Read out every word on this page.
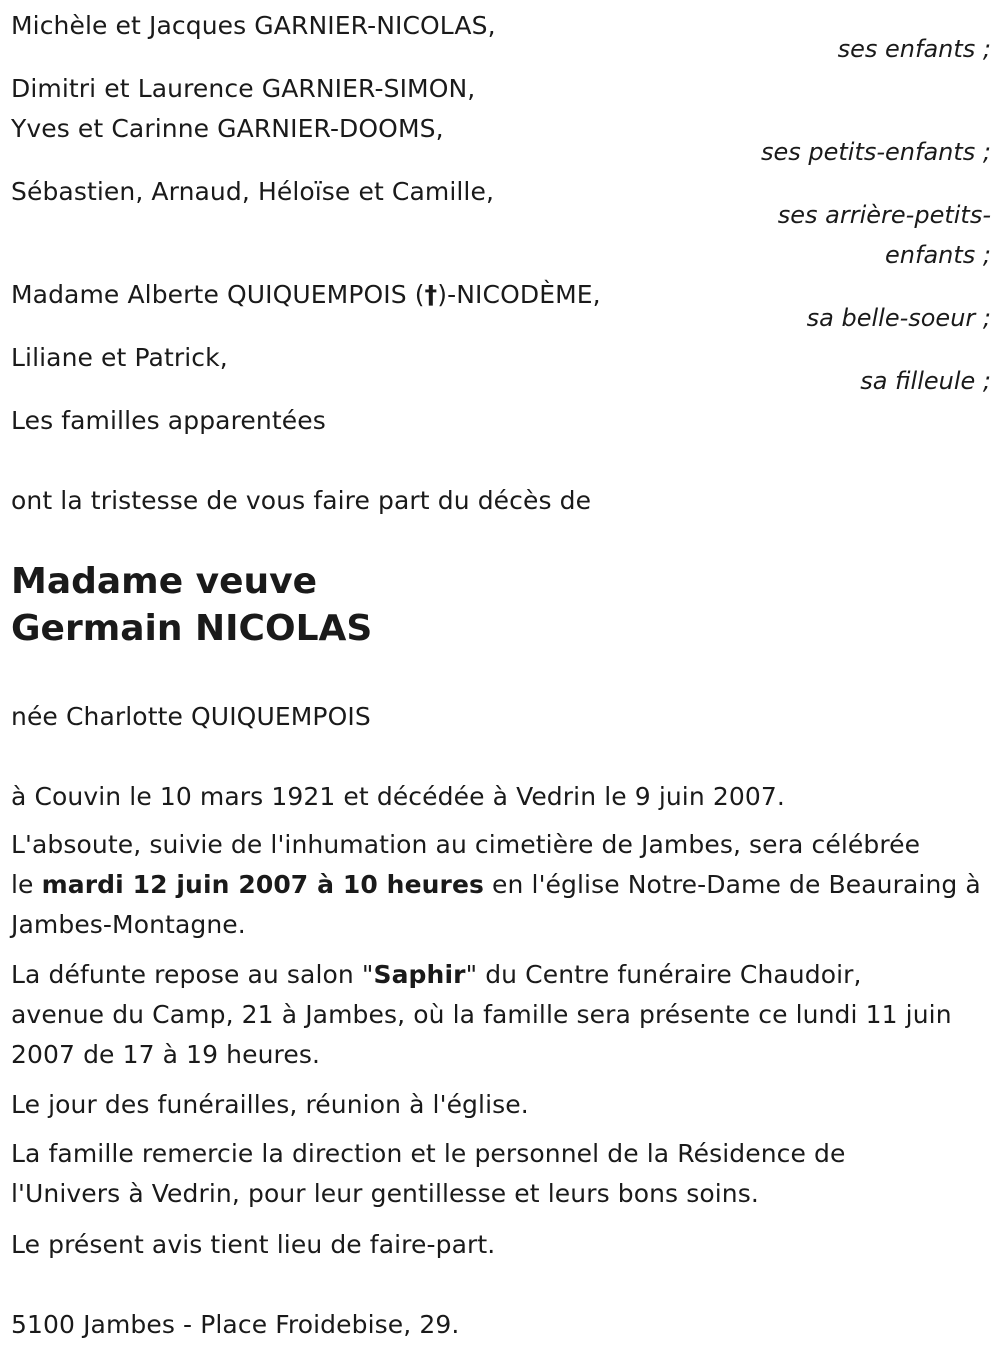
Michèle et Jacques GARNIER-NICOLAS,
ses enfants ;
Dimitri et Laurence GARNIER-SIMON,
Yves et Carinne GARNIER-DOOMS,
ses petits-enfants ;
Sébastien, Arnaud, Héloïse et Camille,
ses arrière-petits-
enfants ;
Madame Alberte QUIQUEMPOIS (†)-NICODÈME,
sa belle-soeur ;
Liliane et Patrick,
sa filleule ;
Les familles apparentées
ont la tristesse de vous faire part du décès de
Madame veuve
Germain NICOLAS
née Charlotte QUIQUEMPOIS
à Couvin le 10 mars 1921 et décédée à Vedrin le 9 juin 2007.
L'absoute, suivie de l'inhumation au cimetière de Jambes, sera célébrée
le mardi 12 juin 2007 à 10 heures en l'église Notre-Dame de Beauraing à
Jambes-Montagne.
La défunte repose au salon "Saphir" du Centre funéraire Chaudoir,
avenue du Camp, 21 à Jambes, où la famille sera présente ce lundi 11 juin
2007 de 17 à 19 heures.
Le jour des funérailles, réunion à l'église.
La famille remercie la direction et le personnel de la Résidence de
l'Univers à Vedrin, pour leur gentillesse et leurs bons soins.
Le présent avis tient lieu de faire-part.
5100 Jambes - Place Froidebise, 29.
